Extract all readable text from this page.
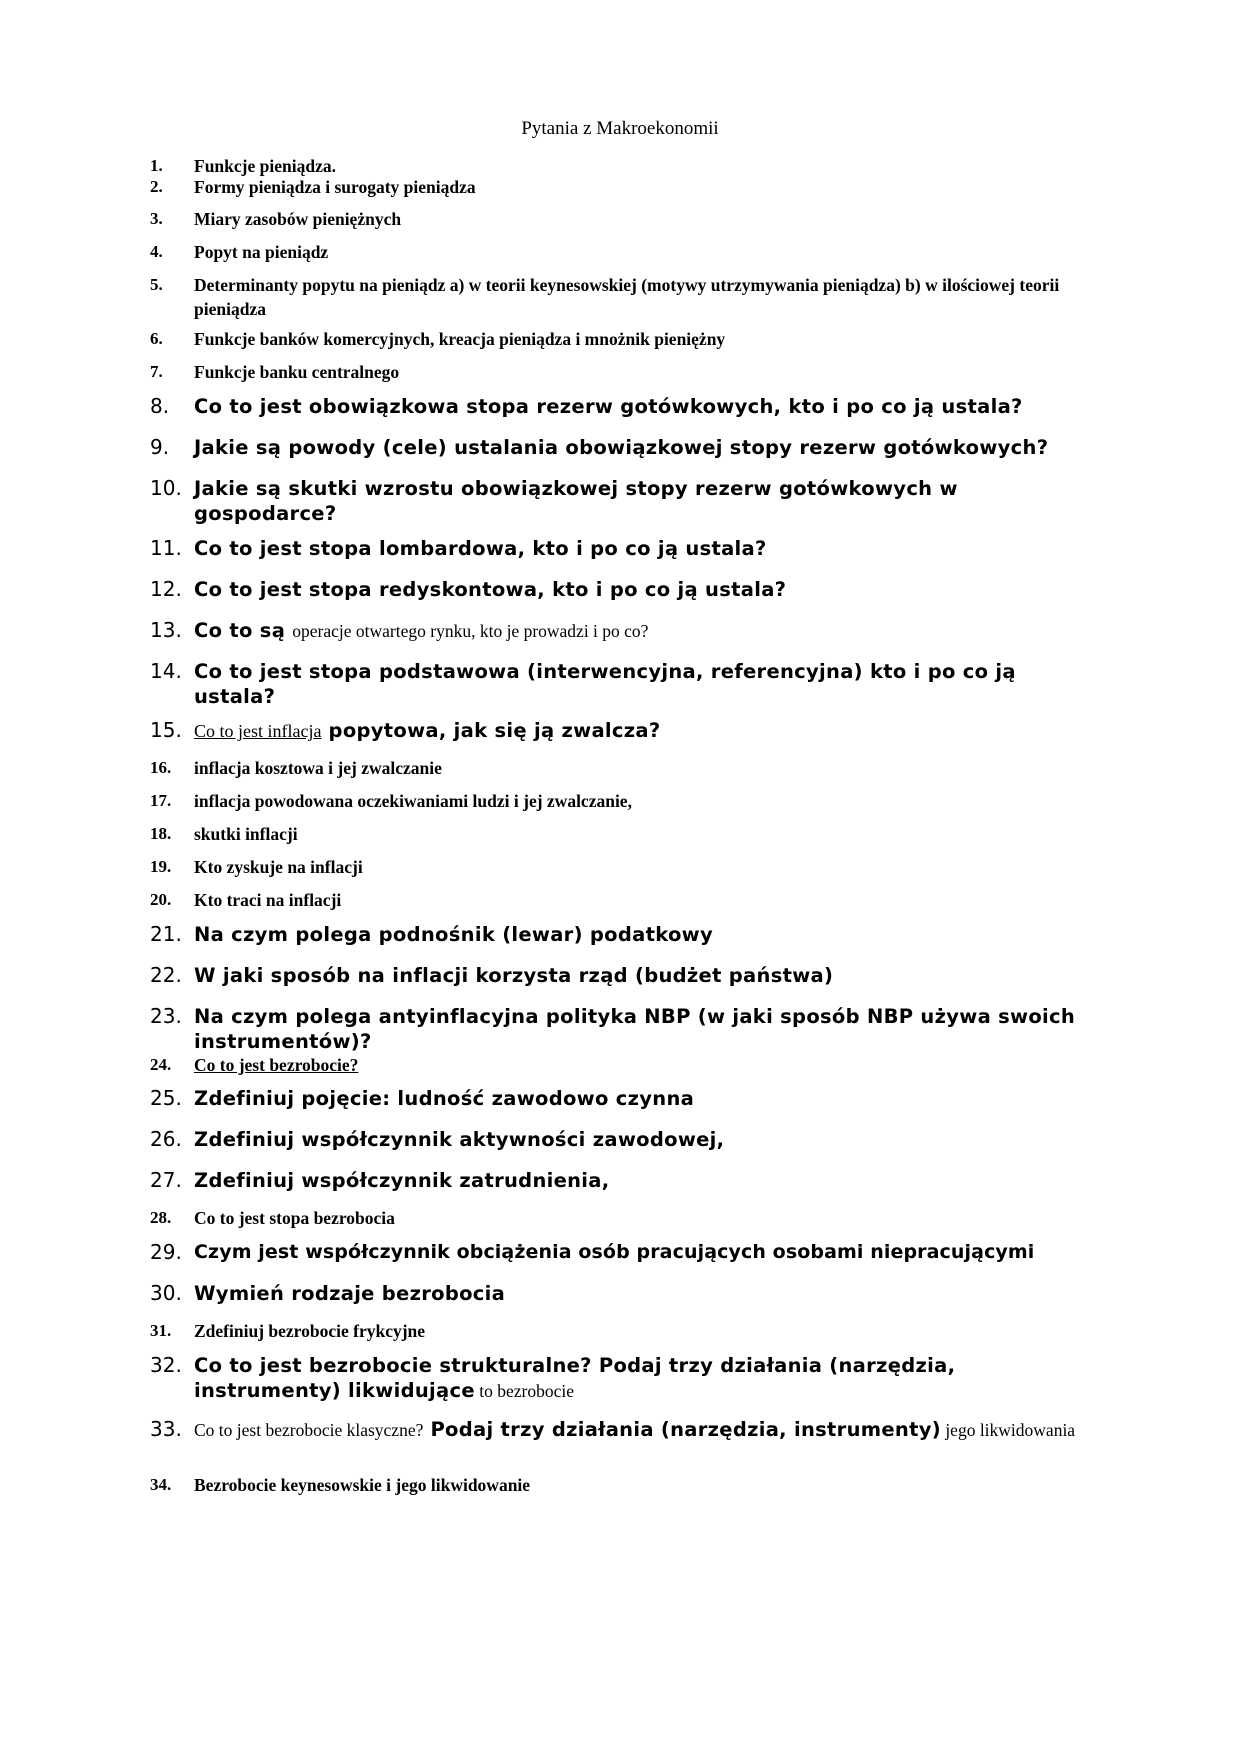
Pytania z Makroekonomii
1.	Funkcje pieniądza.
2.	Formy pieniądza i surogaty pieniądza
3.	Miary zasobów pieniężnych
4.	Popyt na pieniądz
5.	Determinanty popytu na pieniądz a) w teorii keynesowskiej (motywy utrzymywania pieniądza) b) w ilościowej teorii pieniądza
6.	Funkcje banków komercyjnych, kreacja pieniądza i mnożnik pieniężny
7.	Funkcje banku centralnego
8.	Co to jest obowiązkowa stopa rezerw gotówkowych, kto i po co ją ustala?
9.	Jakie są powody (cele) ustalania obowiązkowej stopy rezerw gotówkowych?
10. Jakie są skutki wzrostu obowiązkowej stopy rezerw gotówkowych w gospodarce?
11. Co to jest stopa lombardowa, kto i po co ją ustala?
12. Co to jest stopa redyskontowa, kto i po co ją ustala?
13. Co to są operacje otwartego rynku, kto je prowadzi i po co?
14. Co to jest stopa podstawowa (interwencyjna, referencyjna) kto i po co ją ustala?
15. Co to jest inflacja popytowa, jak się ją zwalcza?
16.	inflacja kosztowa i jej zwalczanie
17.	inflacja powodowana oczekiwaniami ludzi i jej zwalczanie,
18.	skutki inflacji
19.	Kto zyskuje na inflacji
20.	Kto traci na inflacji
21. Na czym polega podnośnik (lewar) podatkowy
22. W jaki sposób na inflacji korzysta rząd (budżet państwa)
23. Na czym polega antyinflacyjna polityka NBP (w jaki sposób NBP używa swoich instrumentów)?
24.	Co to jest bezrobocie?
25. Zdefiniuj pojęcie: ludność zawodowo czynna
26. Zdefiniuj współczynnik aktywności zawodowej,
27. Zdefiniuj współczynnik zatrudnienia,
28.	Co to jest stopa bezrobocia
29. Czym jest współczynnik obciążenia osób pracujących osobami niepracującymi
30. Wymień rodzaje bezrobocia
31.	Zdefiniuj bezrobocie frykcyjne
32. Co to jest bezrobocie strukturalne? Podaj trzy działania (narzędzia, instrumenty) likwidujące to bezrobocie
33. Co to jest bezrobocie klasyczne? Podaj trzy działania (narzędzia, instrumenty) jego likwidowania
34.	Bezrobocie keynesowskie i jego likwidowanie
